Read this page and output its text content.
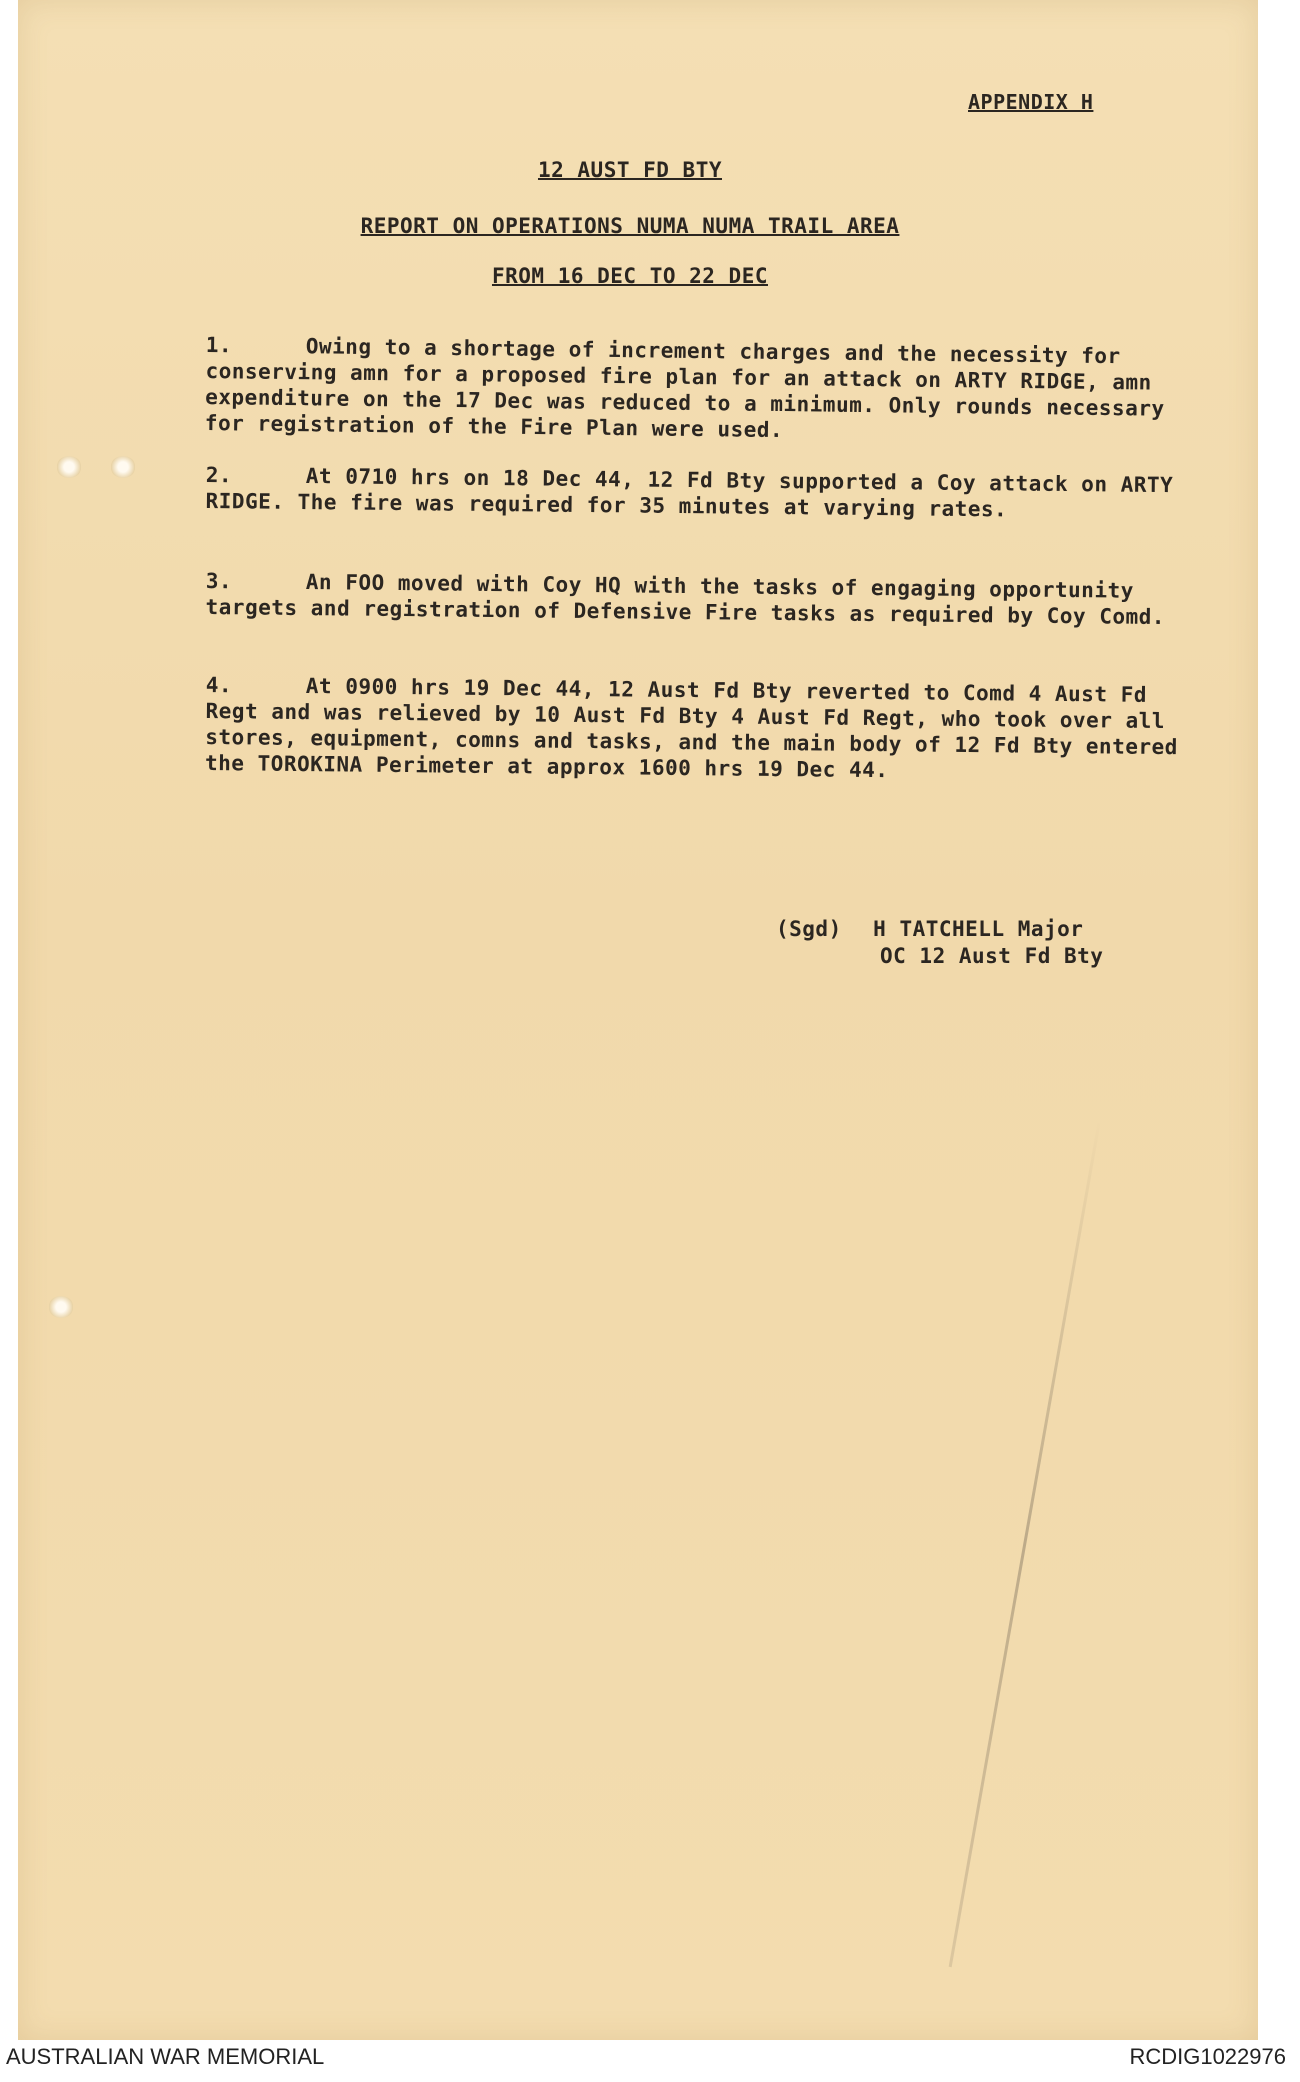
APPENDIX H
12 AUST FD BTY
REPORT ON OPERATIONS NUMA NUMA TRAIL AREA
FROM 16 DEC TO 22 DEC

1.	Owing to a shortage of increment charges and the necessity for conserving amn for a proposed fire plan for an attack on ARTY RIDGE, amn expenditure on the 17 Dec was reduced to a minimum. Only rounds necessary for registration of the Fire Plan were used.

2.	At 0710 hrs on 18 Dec 44, 12 Fd Bty supported a Coy attack on ARTY RIDGE. The fire was required for 35 minutes at varying rates.

3.	An FOO moved with Coy HQ with the tasks of engaging opportunity targets and registration of Defensive Fire tasks as required by Coy Comd.

4.	At 0900 hrs 19 Dec 44, 12 Aust Fd Bty reverted to Comd 4 Aust Fd Regt and was relieved by 10 Aust Fd Bty 4 Aust Fd Regt, who took over all stores, equipment, comns and tasks, and the main body of 12 Fd Bty entered the TOROKINA Perimeter at approx 1600 hrs 19 Dec 44.

(Sgd) H TATCHELL Major
OC 12 Aust Fd Bty
AUSTRALIAN WAR MEMORIAL	RCDIG1022976
